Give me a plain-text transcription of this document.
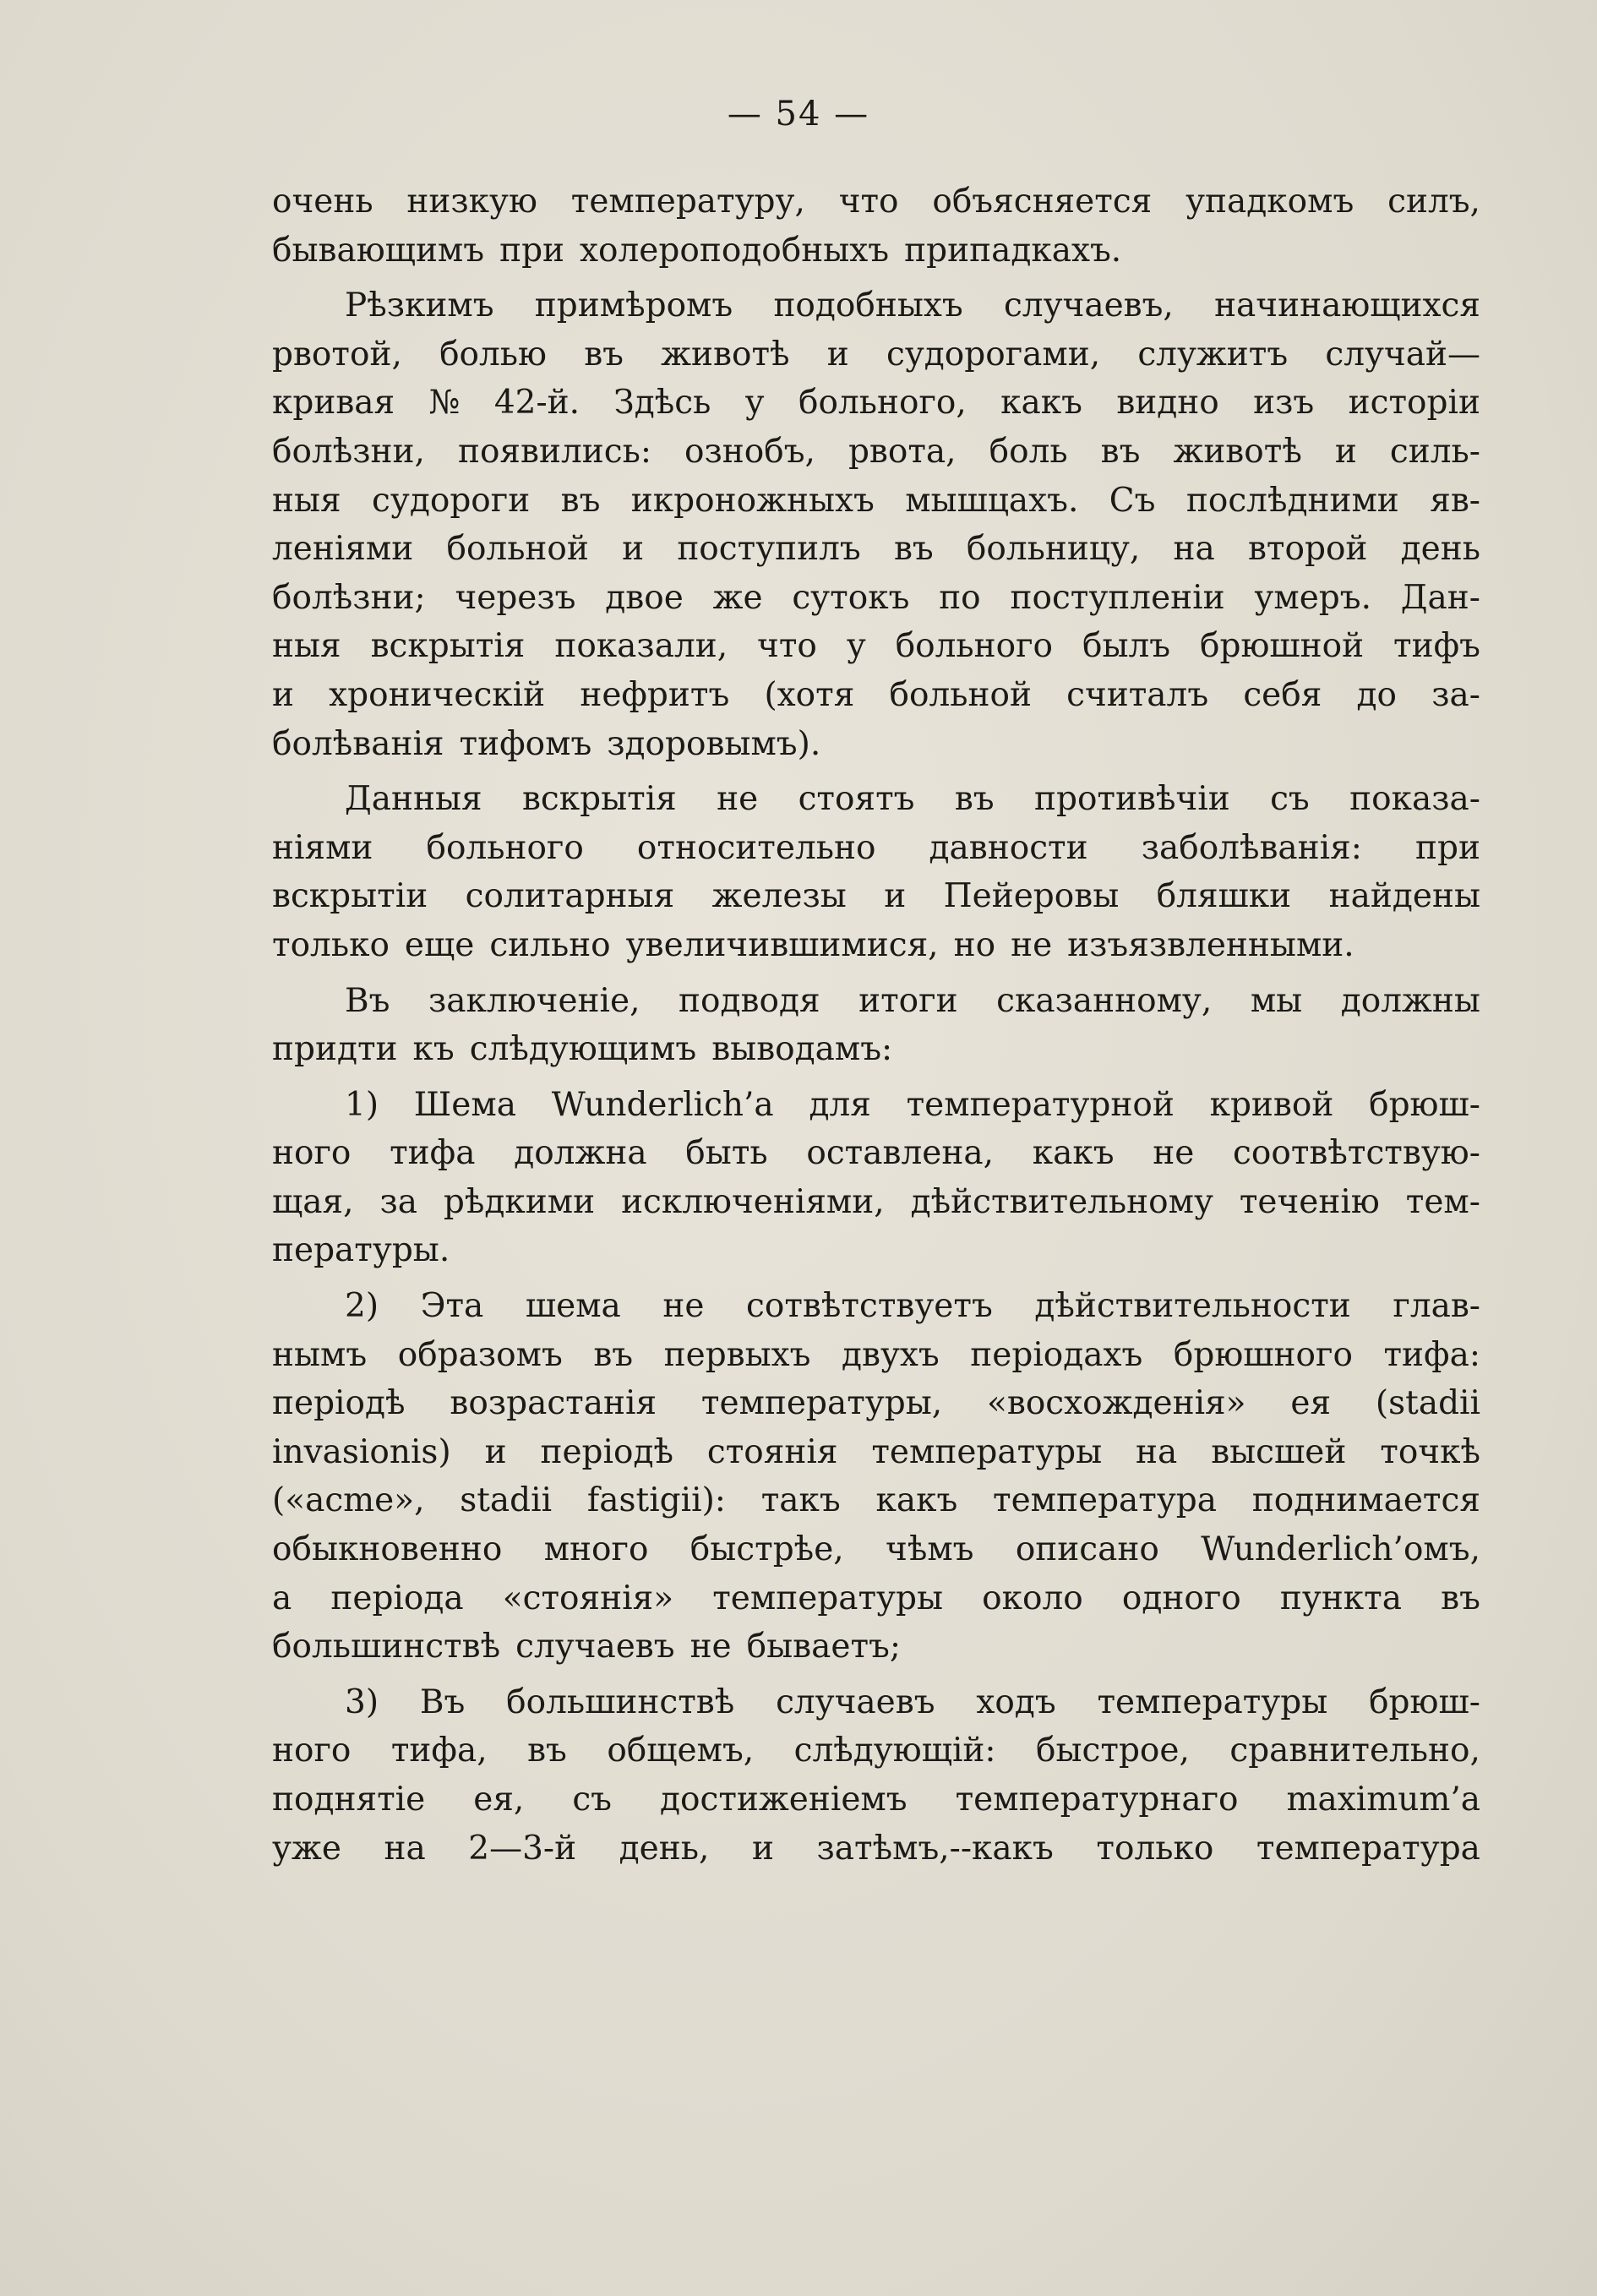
— 54 —
очень низкую температуру, что объясняется упадкомъ силъ,
бывающимъ при холероподобныхъ припадкахъ.
Рѣзкимъ примѣромъ подобныхъ случаевъ, начинающихся
рвотой, болью въ животѣ и судорогами, служитъ случай—
кривая № 42-й. Здѣсь у больного, какъ видно изъ исторіи
болѣзни, появились: ознобъ, рвота, боль въ животѣ и силь-
ныя судороги въ икроножныхъ мышцахъ. Съ послѣдними яв-
леніями больной и поступилъ въ больницу, на второй день
болѣзни; черезъ двое же сутокъ по поступленіи умеръ. Дан-
ныя вскрытія показали, что у больного былъ брюшной тифъ
и хроническій нефритъ (хотя больной считалъ себя до за-
болѣванія тифомъ здоровымъ).
Данныя вскрытія не стоятъ въ противѣчіи съ показа-
ніями больного относительно давности заболѣванія: при
вскрытіи солитарныя железы и Пейеровы бляшки найдены
только еще сильно увеличившимися, но не изъязвленными.
Въ заключеніе, подводя итоги сказанному, мы должны
придти къ слѣдующимъ выводамъ:
1) Шема Wunderlich’а для температурной кривой брюш-
ного тифа должна быть оставлена, какъ не соотвѣтствую-
щая, за рѣдкими исключеніями, дѣйствительному теченію тем-
пературы.
2) Эта шема не сотвѣтствуетъ дѣйствительности глав-
нымъ образомъ въ первыхъ двухъ періодахъ брюшного тифа:
періодѣ возрастанія температуры, «восхожденія» ея (stadii
invasionis) и періодѣ стоянія температуры на высшей точкѣ
(«acme», stadii fastigii): такъ какъ температура поднимается
обыкновенно много быстрѣе, чѣмъ описано Wunderlich’омъ,
а періода «стоянія» температуры около одного пункта въ
большинствѣ случаевъ не бываетъ;
3) Въ большинствѣ случаевъ ходъ температуры брюш-
ного тифа, въ общемъ, слѣдующій: быстрое, сравнительно,
поднятіе ея, съ достиженіемъ температурнаго maximum’а
уже на 2—3-й день, и затѣмъ,--какъ только температура
